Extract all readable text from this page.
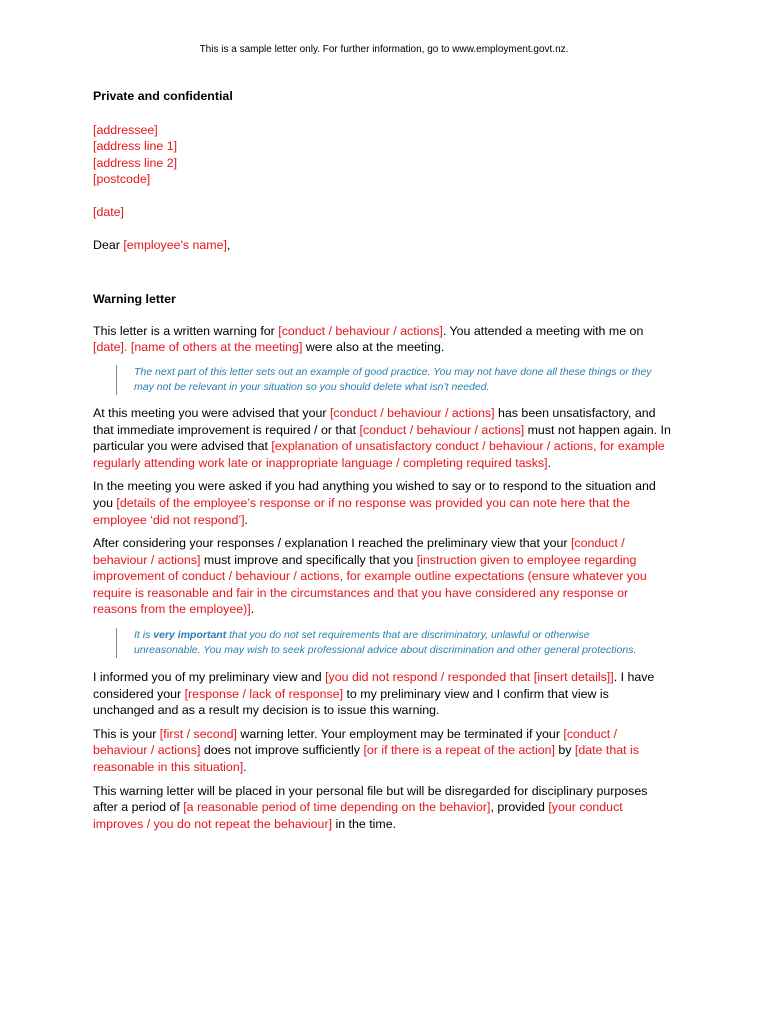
This is a sample letter only. For further information, go to www.employment.govt.nz.

Private and confidential

[addressee]
[address line 1]
[address line 2]
[postcode]
[date]

Dear [employee's name],

Warning letter

This letter is a written warning for [conduct / behaviour / actions]. You attended a meeting with me on [date]. [name of others at the meeting] were also at the meeting.

The next part of this letter sets out an example of good practice. You may not have done all these things or they may not be relevant in your situation so you should delete what isn’t needed.

At this meeting you were advised that your [conduct / behaviour / actions] has been unsatisfactory, and that immediate improvement is required / or that [conduct / behaviour / actions] must not happen again. In particular you were advised that [explanation of unsatisfactory conduct / behaviour / actions, for example regularly attending work late or inappropriate language / completing required tasks].

In the meeting you were asked if you had anything you wished to say or to respond to the situation and you [details of the employee’s response or if no response was provided you can note here that the employee ‘did not respond’].

After considering your responses / explanation I reached the preliminary view that your [conduct / behaviour / actions] must improve and specifically that you [instruction given to employee regarding improvement of conduct / behaviour / actions, for example outline expectations (ensure whatever you require is reasonable and fair in the circumstances and that you have considered any response or reasons from the employee)].

It is very important that you do not set requirements that are discriminatory, unlawful or otherwise unreasonable. You may wish to seek professional advice about discrimination and other general protections.

I informed you of my preliminary view and [you did not respond / responded that [insert details]]. I have considered your [response / lack of response] to my preliminary view and I confirm that view is unchanged and as a result my decision is to issue this warning.

This is your [first / second] warning letter. Your employment may be terminated if your [conduct / behaviour / actions] does not improve sufficiently [or if there is a repeat of the action] by [date that is reasonable in this situation].

This warning letter will be placed in your personal file but will be disregarded for disciplinary purposes after a period of [a reasonable period of time depending on the behavior], provided [your conduct improves / you do not repeat the behaviour] in the time.
